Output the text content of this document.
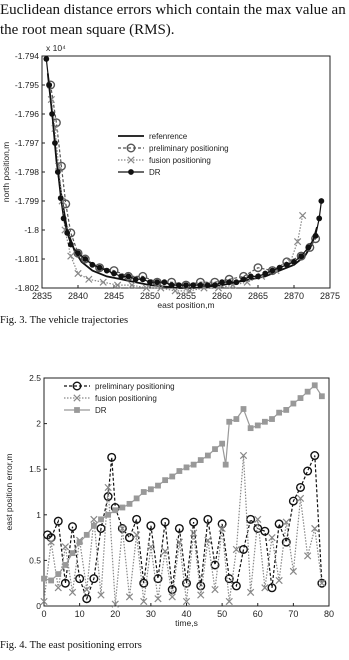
Euclidean distance errors which contain the max value an
the root mean square (RMS).
2835 2840 2845 2850 2855 2860 2865 2870 2875
-1.794
-1.795
-1.796
-1.797
-1.798
-1.799
-1.8
-1.801
-1.802
east position,m
north position,m
refenrence
preliminary positioning
fusion positioning
DR
x 10⁴
Fig. 3. The vehicle trajectories
0	10	20	30	40	50	60	70	80
0
0.5
1
1.5
2
2.5
time,s
east position error,m
preliminary positioning
fusion positioning
DR
Fig. 4. The east positioning errors
